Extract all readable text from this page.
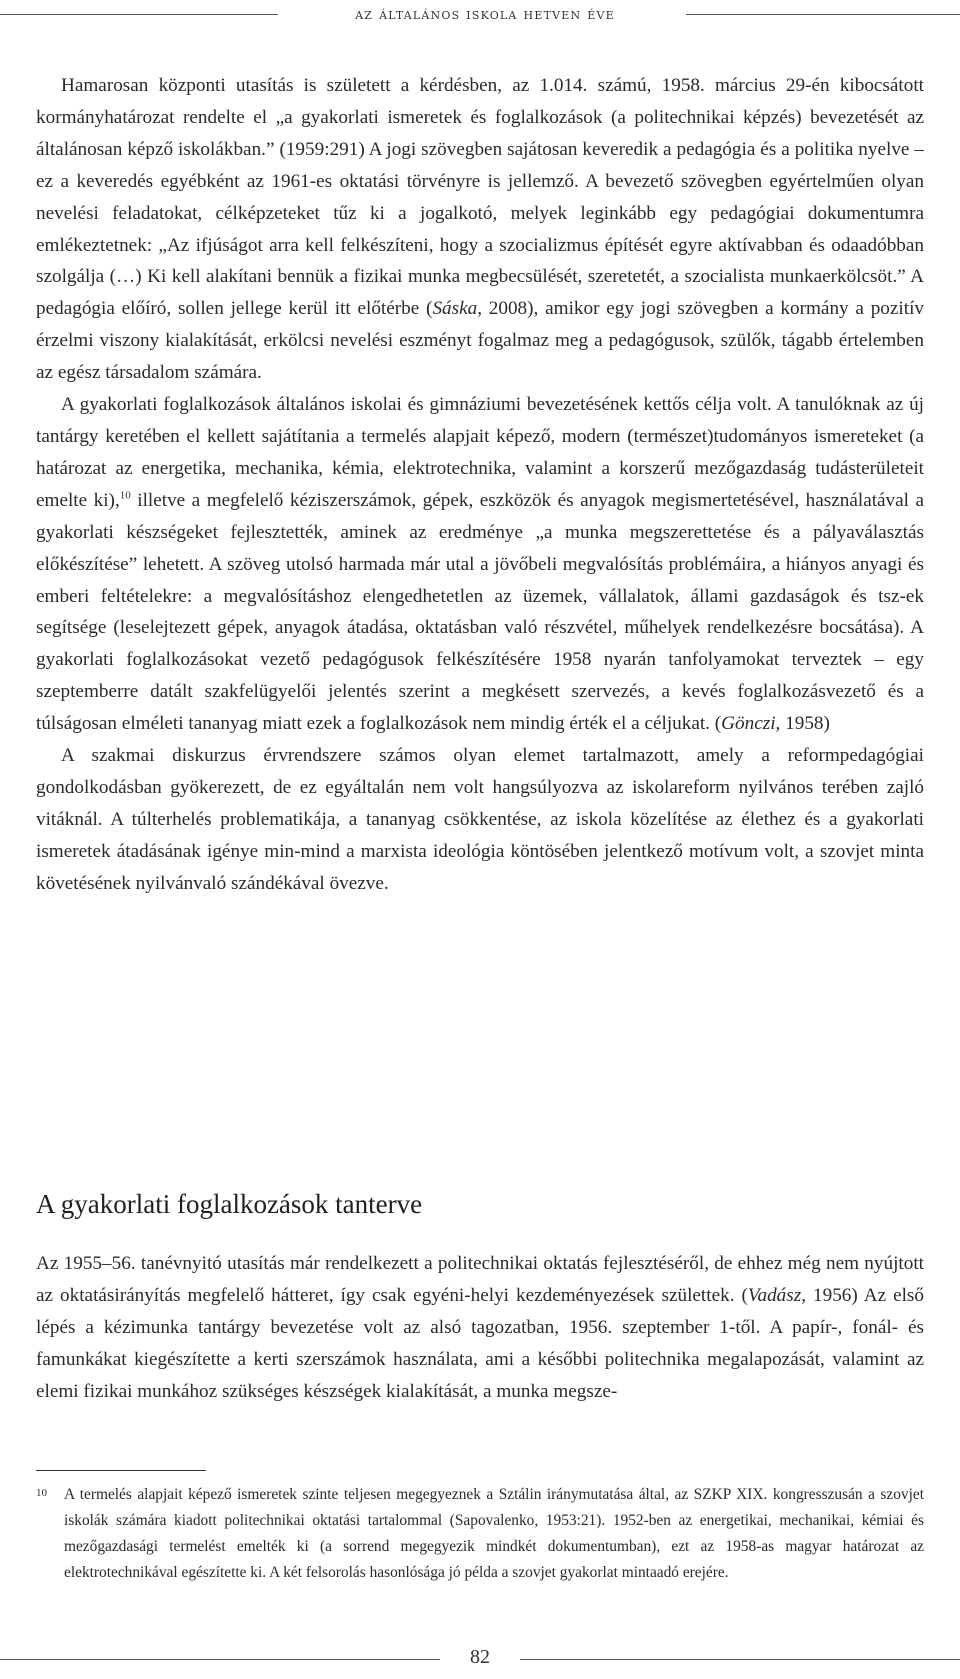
az általános iskola hetven éve

Hamarosan központi utasítás is született a kérdésben, az 1.014. számú, 1958. március 29-én kibocsátott kormányhatározat rendelte el „a gyakorlati ismeretek és foglalkozások (a politechnikai képzés) bevezetését az általánosan képző iskolákban.” (1959:291) A jogi szövegben sajátosan keveredik a pedagógia és a politika nyelve – ez a keveredés egyébként az 1961-es oktatási törvényre is jellemző. A bevezető szövegben egyértelműen olyan nevelési feladatokat, célképzeteket tűz ki a jogalkotó, melyek leginkább egy pedagógiai dokumentumra emlékeztetnek: „Az ifjúságot arra kell felkészíteni, hogy a szocializmus építését egyre aktívabban és odaadóbban szolgálja (…) Ki kell alakítani bennük a fizikai munka megbecsülését, szeretetét, a szocialista munkaerkölcsöt.” A pedagógia előíró, sollen jellege kerül itt előtérbe (Sáska, 2008), amikor egy jogi szövegben a kormány a pozitív érzelmi viszony kialakítását, erkölcsi nevelési eszményt fogalmaz meg a pedagógusok, szülők, tágabb értelemben az egész társadalom számára.

A gyakorlati foglalkozások általános iskolai és gimnáziumi bevezetésének kettős célja volt. A tanulóknak az új tantárgy keretében el kellett sajátítania a termelés alapjait képező, modern (természet)tudományos ismereteket (a határozat az energetika, mechanika, kémia, elektrotechnika, valamint a korszerű mezőgazdaság tudásterületeit emelte ki),$^{10}$ illetve a megfelelő kéziszerszámok, gépek, eszközök és anyagok megismertetésével, használatával a gyakorlati készségeket fejlesztették, aminek az eredménye „a munka megszerettetése és a pályaválasztás előkészítése” lehetett. A szöveg utolsó harmada már utal a jövőbeli megvalósítás problémáira, a hiányos anyagi és emberi feltételekre: a megvalósításhoz elengedhetetlen az üzemek, vállalatok, állami gazdaságok és tsz-ek segítsége (leselejtezett gépek, anyagok átadása, oktatásban való részvétel, műhelyek rendelkezésre bocsátása). A gyakorlati foglalkozásokat vezető pedagógusok felkészítésére 1958 nyarán tanfolyamokat terveztek – egy szeptemberre datált szakfelügyelői jelentés szerint a megkésett szervezés, a kevés foglalkozásvezető és a túlságosan elméleti tananyag miatt ezek a foglalkozások nem mindig érték el a céljukat. (Gönczi, 1958)

A szakmai diskurzus érvrendszere számos olyan elemet tartalmazott, amely a reformpedagógiai gondolkodásban gyökerezett, de ez egyáltalán nem volt hangsúlyozva az iskolareform nyilvános terében zajló vitáknál. A túlterhelés problematikája, a tananyag csökkentése, az iskola közelítése az élethez és a gyakorlati ismeretek átadásának igénye min-mind a marxista ideológia köntösében jelentkező motívum volt, a szovjet minta követésének nyilvánvaló szándékával övezve.

A gyakorlati foglalkozások tanterve

Az 1955–56. tanévnyitó utasítás már rendelkezett a politechnikai oktatás fejlesztéséről, de ehhez még nem nyújtott az oktatásirányítás megfelelő hátteret, így csak egyéni-helyi kezdeményezések születtek. (Vadász, 1956) Az első lépés a kézimunka tantárgy bevezetése volt az alsó tagozatban, 1956. szeptember 1-től. A papír-, fonál- és famunkákat kiegészítette a kerti szerszámok használata, ami a későbbi politechnika megalapozását, valamint az elemi fizikai munkához szükséges készségek kialakítását, a munka megsze-

10 A termelés alapjait képező ismeretek szinte teljesen megegyeznek a Sztálin iránymutatása által, az SZKP XIX. kongresszusán a szovjet iskolák számára kiadott politechnikai oktatási tartalommal (Sapovalenko, 1953:21). 1952-ben az energetikai, mechanikai, kémiai és mezőgazdasági termelést emelték ki (a sorrend megegyezik mindkét dokumentumban), ezt az 1958-as magyar határozat az elektrotechnikával egészítette ki. A két felsorolás hasonlósága jó példa a szovjet gyakorlat mintaadó erejére.
82
